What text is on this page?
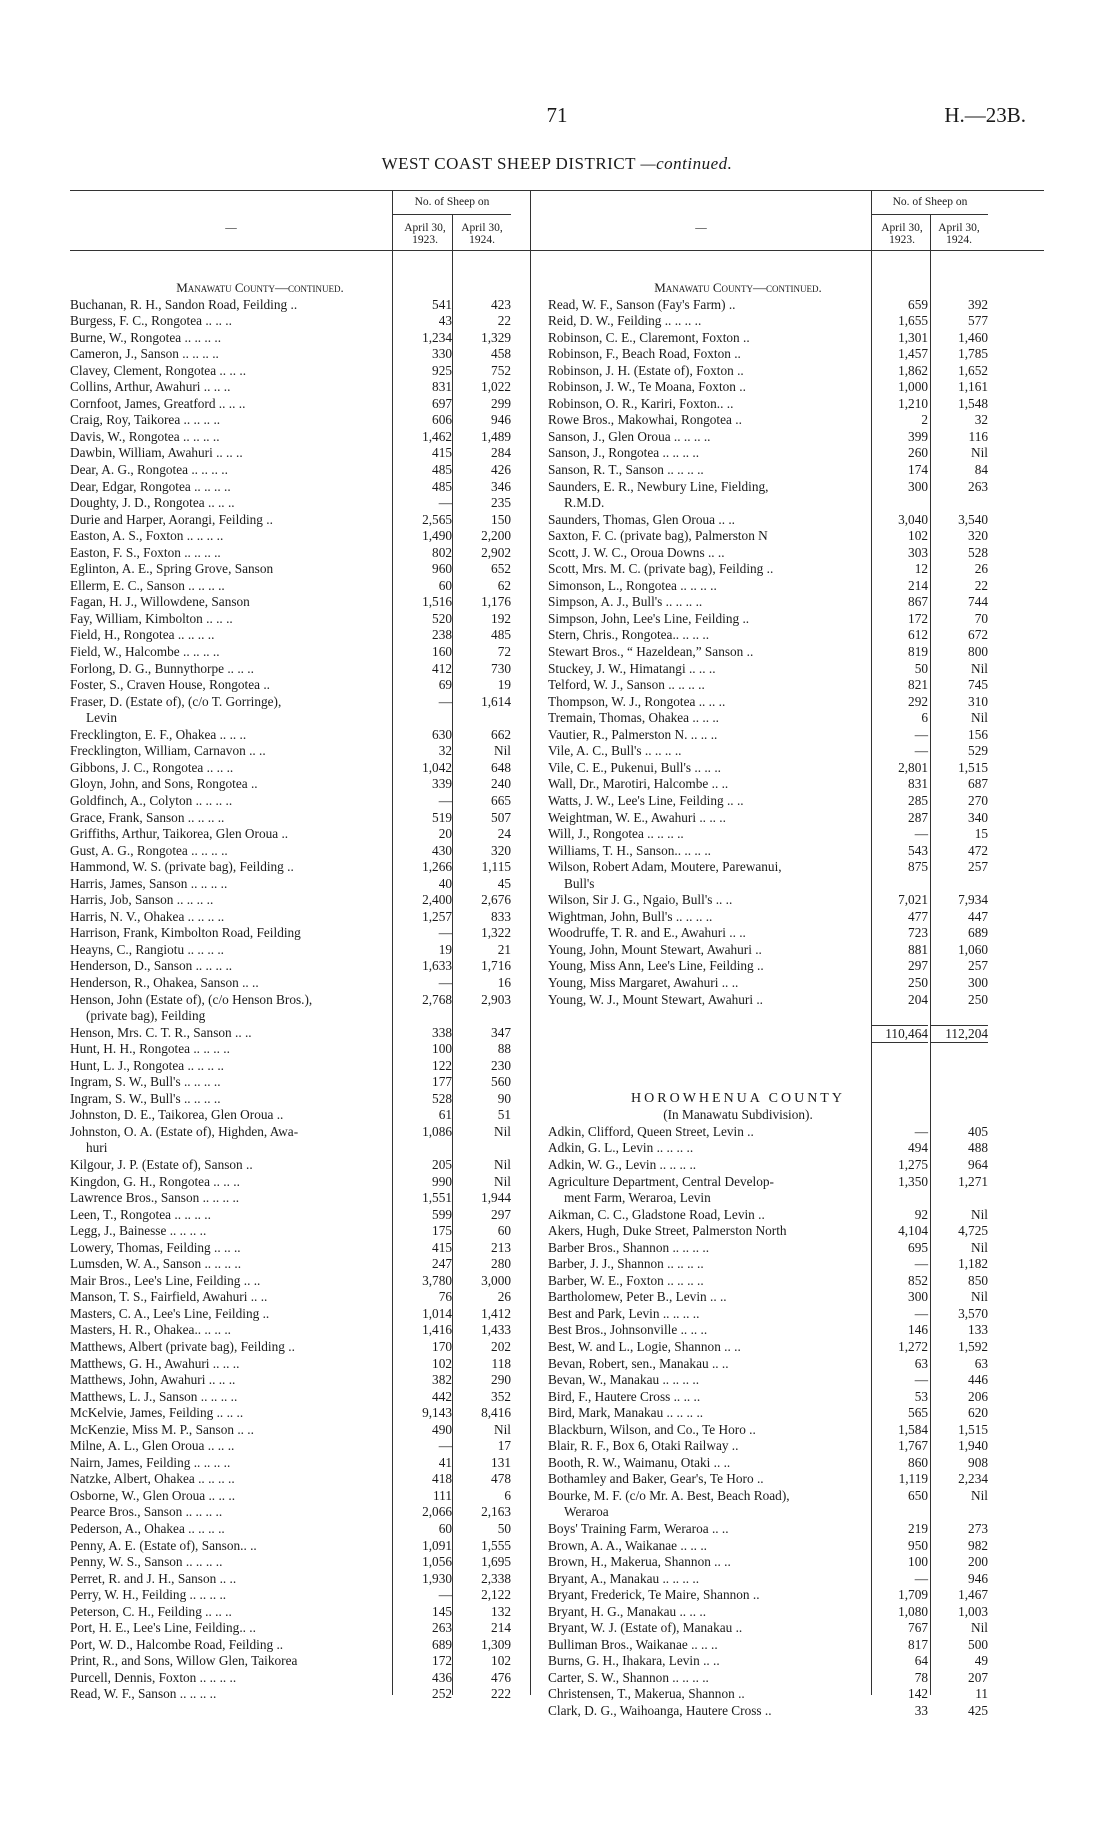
71	H.—23B.
WEST COAST SHEEP DISTRICT —continued.
No. of Sheep on
—	April 30, 1923.
April 30, 1924.
No. of Sheep on
—	April 30, 1923.
April 30, 1924.
Manawatu County—continued.
Buchanan, R. H., Sandon Road, Feilding ..	541	423
Burgess, F. C., Rongotea .. .. ..	43	22
Burne, W., Rongotea .. .. .. ..	1,234	1,329
Cameron, J., Sanson .. .. .. ..	330	458
Clavey, Clement, Rongotea .. .. ..	925	752
Collins, Arthur, Awahuri .. .. ..	831	1,022
Cornfoot, James, Greatford .. .. ..	697	299
Craig, Roy, Taikorea .. .. .. ..	606	946
Davis, W., Rongotea .. .. .. ..	1,462	1,489
Dawbin, William, Awahuri .. .. ..	415	284
Dear, A. G., Rongotea .. .. .. ..	485	426
Dear, Edgar, Rongotea .. .. .. ..	485	346
Doughty, J. D., Rongotea .. .. ..	—	235
Durie and Harper, Aorangi, Feilding ..	2,565	150
Easton, A. S., Foxton .. .. .. ..	1,490	2,200
Easton, F. S., Foxton .. .. .. ..	802	2,902
Eglinton, A. E., Spring Grove, Sanson	960	652
Ellerm, E. C., Sanson .. .. .. ..	60	62
Fagan, H. J., Willowdene, Sanson	1,516	1,176
Fay, William, Kimbolton .. .. ..	520	192
Field, H., Rongotea .. .. .. ..	238	485
Field, W., Halcombe .. .. .. ..	160	72
Forlong, D. G., Bunnythorpe .. .. ..	412	730
Foster, S., Craven House, Rongotea ..	69	19
Fraser, D. (Estate of), (c/o T. Gorringe),	—	1,614
Levin
Frecklington, E. F., Ohakea .. .. ..	630	662
Frecklington, William, Carnavon .. ..	32	Nil
Gibbons, J. C., Rongotea .. .. ..	1,042	648
Gloyn, John, and Sons, Rongotea ..	339	240
Goldfinch, A., Colyton .. .. .. ..	—	665
Grace, Frank, Sanson .. .. .. ..	519	507
Griffiths, Arthur, Taikorea, Glen Oroua ..	20	24
Gust, A. G., Rongotea .. .. .. ..	430	320
Hammond, W. S. (private bag), Feilding ..	1,266	1,115
Harris, James, Sanson .. .. .. ..	40	45
Harris, Job, Sanson .. .. .. ..	2,400	2,676
Harris, N. V., Ohakea .. .. .. ..	1,257	833
Harrison, Frank, Kimbolton Road, Feilding	—	1,322
Heayns, C., Rangiotu .. .. .. ..	19	21
Henderson, D., Sanson .. .. .. ..	1,633	1,716
Henderson, R., Ohakea, Sanson .. ..	—	16
Henson, John (Estate of), (c/o Henson Bros.),	2,768	2,903
(private bag), Feilding
Henson, Mrs. C. T. R., Sanson .. ..	338	347
Hunt, H. H., Rongotea .. .. .. ..	100	88
Hunt, L. J., Rongotea .. .. .. ..	122	230
Ingram, S. W., Bull's .. .. .. ..	177	560
Ingram, S. W., Bull's .. .. .. ..	528	90
Johnston, D. E., Taikorea, Glen Oroua ..	61	51
Johnston, O. A. (Estate of), Highden, Awa-	1,086	Nil
huri
Kilgour, J. P. (Estate of), Sanson ..	205	Nil
Kingdon, G. H., Rongotea .. .. ..	990	Nil
Lawrence Bros., Sanson .. .. .. ..	1,551	1,944
Leen, T., Rongotea .. .. .. ..	599	297
Legg, J., Bainesse .. .. .. ..	175	60
Lowery, Thomas, Feilding .. .. ..	415	213
Lumsden, W. A., Sanson .. .. .. ..	247	280
Mair Bros., Lee's Line, Feilding .. ..	3,780	3,000
Manson, T. S., Fairfield, Awahuri .. ..	76	26
Masters, C. A., Lee's Line, Feilding ..	1,014	1,412
Masters, H. R., Ohakea.. .. .. ..	1,416	1,433
Matthews, Albert (private bag), Feilding ..	170	202
Matthews, G. H., Awahuri .. .. ..	102	118
Matthews, John, Awahuri .. .. ..	382	290
Matthews, L. J., Sanson .. .. .. ..	442	352
McKelvie, James, Feilding .. .. ..	9,143	8,416
McKenzie, Miss M. P., Sanson .. ..	490	Nil
Milne, A. L., Glen Oroua .. .. ..	—	17
Nairn, James, Feilding .. .. .. ..	41	131
Natzke, Albert, Ohakea .. .. .. ..	418	478
Osborne, W., Glen Oroua .. .. ..	111	6
Pearce Bros., Sanson .. .. .. ..	2,066	2,163
Pederson, A., Ohakea .. .. .. ..	60	50
Penny, A. E. (Estate of), Sanson.. ..	1,091	1,555
Penny, W. S., Sanson .. .. .. ..	1,056	1,695
Perret, R. and J. H., Sanson .. ..	1,930	2,338
Perry, W. H., Feilding .. .. .. ..	—	2,122
Peterson, C. H., Feilding .. .. ..	145	132
Port, H. E., Lee's Line, Feilding.. ..	263	214
Port, W. D., Halcombe Road, Feilding ..	689	1,309
Print, R., and Sons, Willow Glen, Taikorea	172	102
Purcell, Dennis, Foxton .. .. .. ..	436	476
Read, W. F., Sanson .. .. .. ..	252	222
Manawatu County—continued.
Read, W. F., Sanson (Fay's Farm) ..	659	392
Reid, D. W., Feilding .. .. .. ..	1,655	577
Robinson, C. E., Claremont, Foxton ..	1,301	1,460
Robinson, F., Beach Road, Foxton ..	1,457	1,785
Robinson, J. H. (Estate of), Foxton ..	1,862	1,652
Robinson, J. W., Te Moana, Foxton ..	1,000	1,161
Robinson, O. R., Kariri, Foxton.. ..	1,210	1,548
Rowe Bros., Makowhai, Rongotea ..	2	32
Sanson, J., Glen Oroua .. .. .. ..	399	116
Sanson, J., Rongotea .. .. .. ..	260	Nil
Sanson, R. T., Sanson .. .. .. ..	174	84
Saunders, E. R., Newbury Line, Fielding,	300	263
R.M.D.
Saunders, Thomas, Glen Oroua .. ..	3,040	3,540
Saxton, F. C. (private bag), Palmerston N	102	320
Scott, J. W. C., Oroua Downs .. ..	303	528
Scott, Mrs. M. C. (private bag), Feilding ..	12	26
Simonson, L., Rongotea .. .. .. ..	214	22
Simpson, A. J., Bull's .. .. .. ..	867	744
Simpson, John, Lee's Line, Feilding ..	172	70
Stern, Chris., Rongotea.. .. .. ..	612	672
Stewart Bros., “ Hazeldean,” Sanson ..	819	800
Stuckey, J. W., Himatangi .. .. ..	50	Nil
Telford, W. J., Sanson .. .. .. ..	821	745
Thompson, W. J., Rongotea .. .. ..	292	310
Tremain, Thomas, Ohakea .. .. ..	6	Nil
Vautier, R., Palmerston N. .. .. ..	—	156
Vile, A. C., Bull's .. .. .. ..	—	529
Vile, C. E., Pukenui, Bull's .. .. ..	2,801	1,515
Wall, Dr., Marotiri, Halcombe .. ..	831	687
Watts, J. W., Lee's Line, Feilding .. ..	285	270
Weightman, W. E., Awahuri .. .. ..	287	340
Will, J., Rongotea .. .. .. ..	—	15
Williams, T. H., Sanson.. .. .. ..	543	472
Wilson, Robert Adam, Moutere, Parewanui,	875	257
Bull's
Wilson, Sir J. G., Ngaio, Bull's .. ..	7,021	7,934
Wightman, John, Bull's .. .. .. ..	477	447
Woodruffe, T. R. and E., Awahuri .. ..	723	689
Young, John, Mount Stewart, Awahuri ..	881	1,060
Young, Miss Ann, Lee's Line, Feilding ..	297	257
Young, Miss Margaret, Awahuri .. ..	250	300
Young, W. J., Mount Stewart, Awahuri ..	204	250
110,464	112,204
HOROWHENUA COUNTY
(In Manawatu Subdivision).
Adkin, Clifford, Queen Street, Levin ..	—	405
Adkin, G. L., Levin .. .. .. ..	494	488
Adkin, W. G., Levin .. .. .. ..	1,275	964
Agriculture Department, Central Develop-	1,350	1,271
ment Farm, Weraroa, Levin
Aikman, C. C., Gladstone Road, Levin ..	92	Nil
Akers, Hugh, Duke Street, Palmerston North	4,104	4,725
Barber Bros., Shannon .. .. .. ..	695	Nil
Barber, J. J., Shannon .. .. .. ..	—	1,182
Barber, W. E., Foxton .. .. .. ..	852	850
Bartholomew, Peter B., Levin .. ..	300	Nil
Best and Park, Levin .. .. .. ..	—	3,570
Best Bros., Johnsonville .. .. ..	146	133
Best, W. and L., Logie, Shannon .. ..	1,272	1,592
Bevan, Robert, sen., Manakau .. ..	63	63
Bevan, W., Manakau .. .. .. ..	—	446
Bird, F., Hautere Cross .. .. ..	53	206
Bird, Mark, Manakau .. .. .. ..	565	620
Blackburn, Wilson, and Co., Te Horo ..	1,584	1,515
Blair, R. F., Box 6, Otaki Railway ..	1,767	1,940
Booth, R. W., Waimanu, Otaki .. ..	860	908
Bothamley and Baker, Gear's, Te Horo ..	1,119	2,234
Bourke, M. F. (c/o Mr. A. Best, Beach Road),	650	Nil
Weraroa
Boys' Training Farm, Weraroa .. ..	219	273
Brown, A. A., Waikanae .. .. ..	950	982
Brown, H., Makerua, Shannon .. ..	100	200
Bryant, A., Manakau .. .. .. ..	—	946
Bryant, Frederick, Te Maire, Shannon ..	1,709	1,467
Bryant, H. G., Manakau .. .. ..	1,080	1,003
Bryant, W. J. (Estate of), Manakau ..	767	Nil
Bulliman Bros., Waikanae .. .. ..	817	500
Burns, G. H., Ihakara, Levin .. ..	64	49
Carter, S. W., Shannon .. .. .. ..	78	207
Christensen, T., Makerua, Shannon ..	142	11
Clark, D. G., Waihoanga, Hautere Cross ..	33	425
